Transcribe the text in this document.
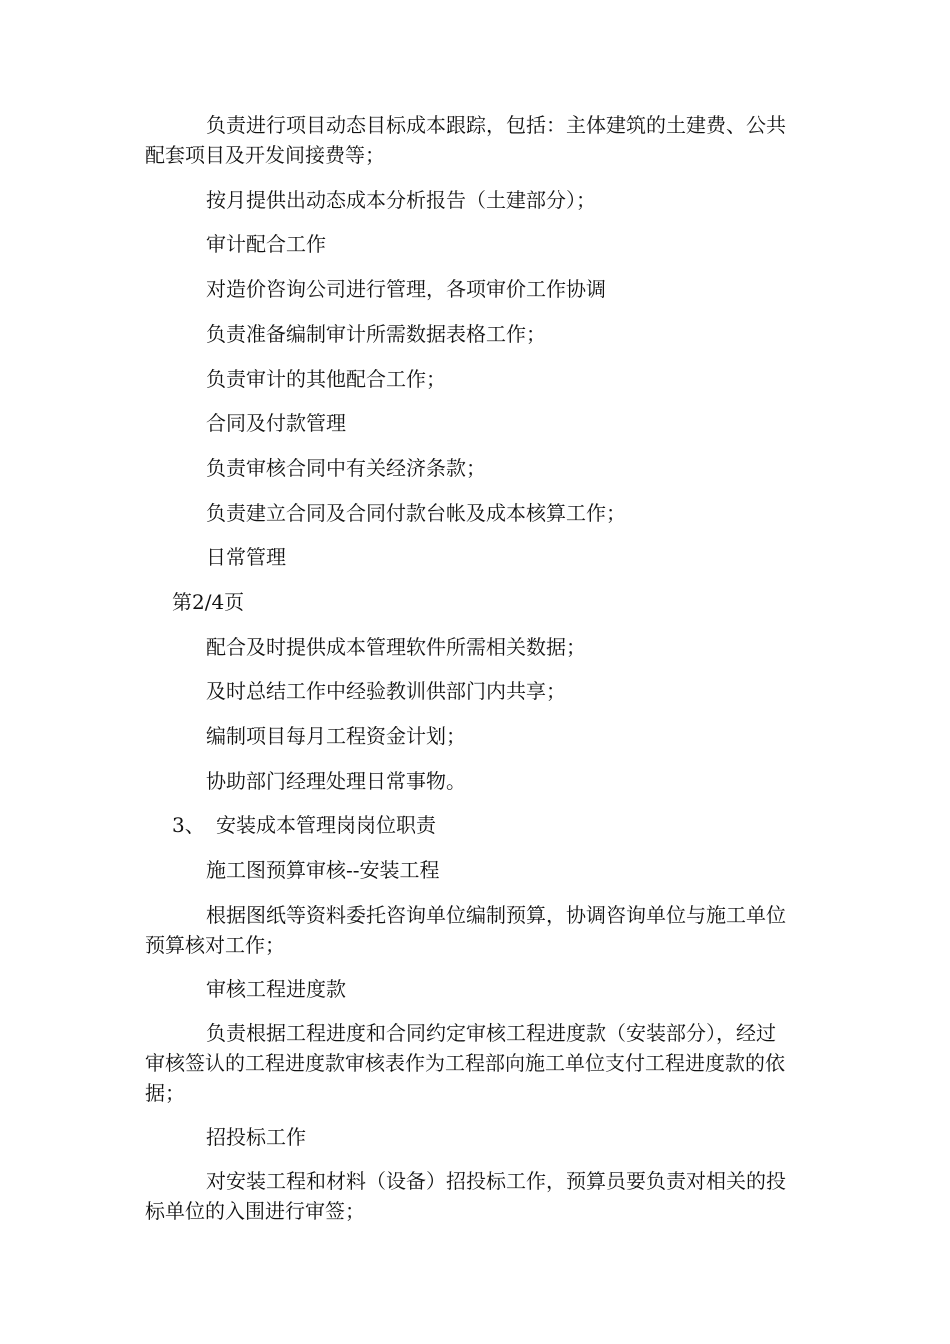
负责进行项目动态目标成本跟踪，包括：主体建筑的土建费、公共配套项目及开发间接费等；

按月提供出动态成本分析报告（土建部分）；

审计配合工作

对造价咨询公司进行管理，各项审价工作协调

负责准备编制审计所需数据表格工作；

负责审计的其他配合工作；

合同及付款管理

负责审核合同中有关经济条款；

负责建立合同及合同付款台帐及成本核算工作；

日常管理

第2/4页

配合及时提供成本管理软件所需相关数据；

及时总结工作中经验教训供部门内共享；

编制项目每月工程资金计划；

协助部门经理处理日常事物。

3、 安装成本管理岗岗位职责

施工图预算审核--安装工程

根据图纸等资料委托咨询单位编制预算，协调咨询单位与施工单位预算核对工作；

审核工程进度款

负责根据工程进度和合同约定审核工程进度款（安装部分），经过审核签认的工程进度款审核表作为工程部向施工单位支付工程进度款的依据；

招投标工作

对安装工程和材料（设备）招投标工作，预算员要负责对相关的投标单位的入围进行审签；
